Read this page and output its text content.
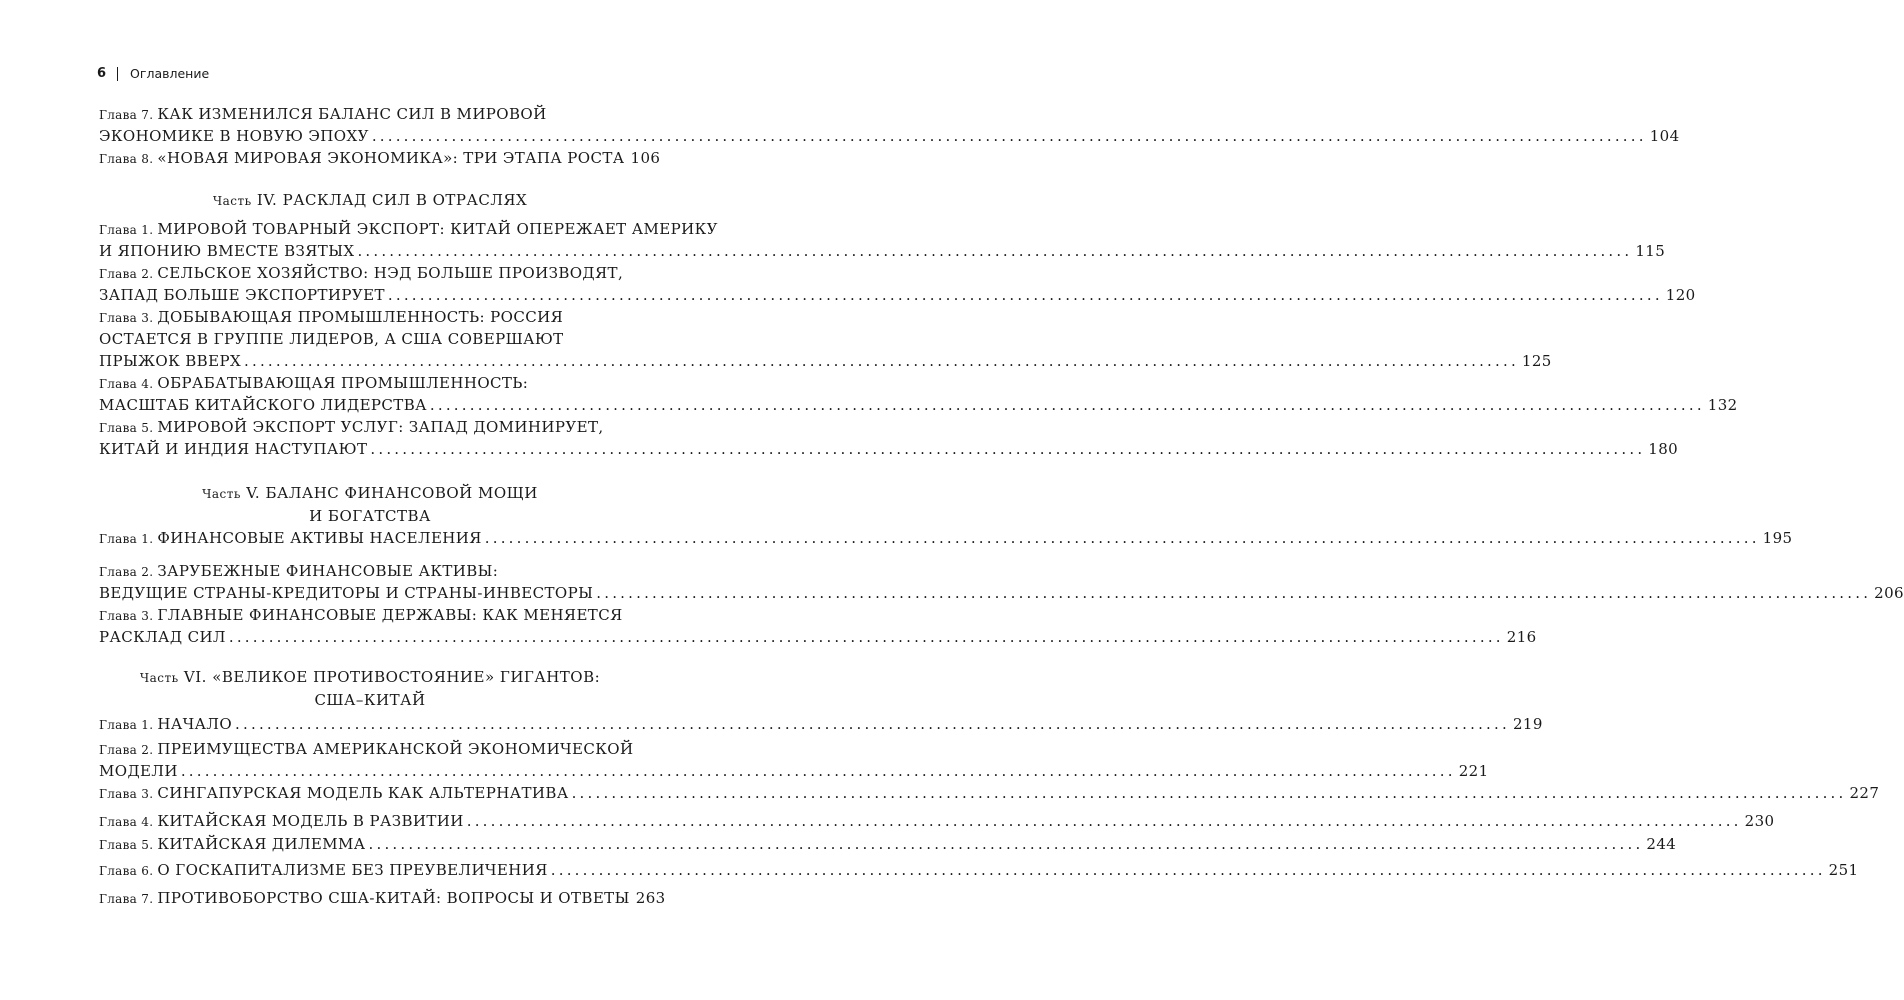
6 Оглавление
Глава 7. КАК ИЗМЕНИЛСЯ БАЛАНС СИЛ В МИРОВОЙ
ЭКОНОМИКЕ В НОВУЮ ЭПОХУ ................................................................................................................................................................ 104
Глава 8. «НОВАЯ МИРОВАЯ ЭКОНОМИКА»: ТРИ ЭТАПА РОСТА 106
Часть IV. РАСКЛАД СИЛ В ОТРАСЛЯХ
Глава 1. МИРОВОЙ ТОВАРНЫЙ ЭКСПОРТ: КИТАЙ ОПЕРЕЖАЕТ АМЕРИКУ
И ЯПОНИЮ ВМЕСТЕ ВЗЯТЫХ ................................................................................................................................................................ 115
Глава 2. СЕЛЬСКОЕ ХОЗЯЙСТВО: НЭД БОЛЬШЕ ПРОИЗВОДЯТ,
ЗАПАД БОЛЬШЕ ЭКСПОРТИРУЕТ ................................................................................................................................................................ 120
Глава 3. ДОБЫВАЮЩАЯ ПРОМЫШЛЕННОСТЬ: РОССИЯ
ОСТАЕТСЯ В ГРУППЕ ЛИДЕРОВ, А США СОВЕРШАЮТ
ПРЫЖОК ВВЕРХ ................................................................................................................................................................ 125
Глава 4. ОБРАБАТЫВАЮЩАЯ ПРОМЫШЛЕННОСТЬ:
МАСШТАБ КИТАЙСКОГО ЛИДЕРСТВА ................................................................................................................................................................ 132
Глава 5. МИРОВОЙ ЭКСПОРТ УСЛУГ: ЗАПАД ДОМИНИРУЕТ,
КИТАЙ И ИНДИЯ НАСТУПАЮТ ................................................................................................................................................................ 180
Часть V. БАЛАНС ФИНАНСОВОЙ МОЩИ
И БОГАТСТВА
Глава 1. ФИНАНСОВЫЕ АКТИВЫ НАСЕЛЕНИЯ ................................................................................................................................................................ 195
Глава 2. ЗАРУБЕЖНЫЕ ФИНАНСОВЫЕ АКТИВЫ:
ВЕДУЩИЕ СТРАНЫ-КРЕДИТОРЫ И СТРАНЫ-ИНВЕСТОРЫ ................................................................................................................................................................ 206
Глава 3. ГЛАВНЫЕ ФИНАНСОВЫЕ ДЕРЖАВЫ: КАК МЕНЯЕТСЯ
РАСКЛАД СИЛ ................................................................................................................................................................ 216
Часть VI. «ВЕЛИКОЕ ПРОТИВОСТОЯНИЕ» ГИГАНТОВ:
США–КИТАЙ
Глава 1. НАЧАЛО ................................................................................................................................................................ 219
Глава 2. ПРЕИМУЩЕСТВА АМЕРИКАНСКОЙ ЭКОНОМИЧЕСКОЙ
МОДЕЛИ ................................................................................................................................................................ 221
Глава 3. СИНГАПУРСКАЯ МОДЕЛЬ КАК АЛЬТЕРНАТИВА ................................................................................................................................................................ 227
Глава 4. КИТАЙСКАЯ МОДЕЛЬ В РАЗВИТИИ ................................................................................................................................................................ 230
Глава 5. КИТАЙСКАЯ ДИЛЕММА ................................................................................................................................................................ 244
Глава 6. О ГОСКАПИТАЛИЗМЕ БЕЗ ПРЕУВЕЛИЧЕНИЯ ................................................................................................................................................................ 251
Глава 7. ПРОТИВОБОРСТВО США-КИТАЙ: ВОПРОСЫ И ОТВЕТЫ 263
